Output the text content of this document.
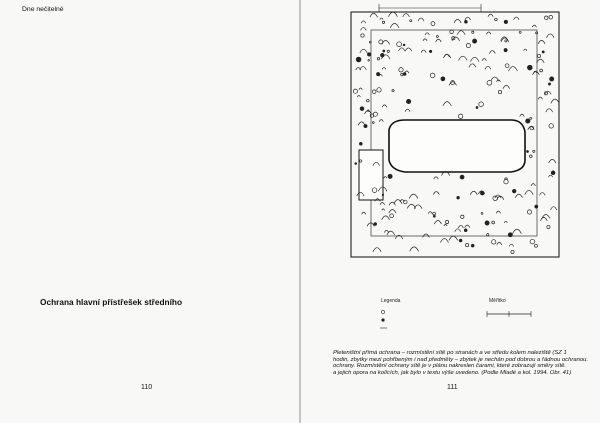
Dne nečitelné
Ochrana hlavní přístřešek středního
110
Legenda	Měřítko
Pleteništní přímá ochrana – rozmístění sítě po stranách a ve středu kolem naleziště (SZ 1
hodin, zbytky mezi pohřbeným i nad předměty – zbytek je nechán pod dobrou a řádnou ochranou.
ochrany. Rozmístění ochrany sítě je v plánu nakreslen čarami, které zobrazují směry sítě.
a jejich opora na kolících, jak bylo v textu výše uvedeno. (Podle Mladé a kol. 1994. Obr. 41)
111
